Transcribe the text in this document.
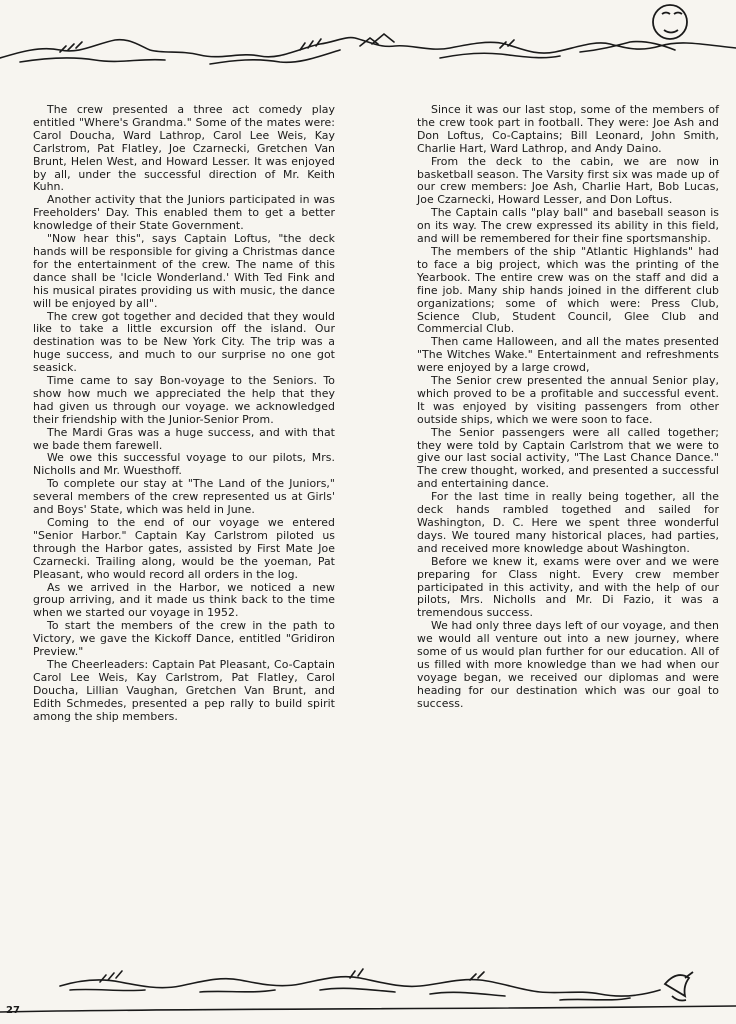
The crew presented a three act comedy play entitled "Where's Grandma." Some of the mates were: Carol Doucha, Ward Lathrop, Carol Lee Weis, Kay Carlstrom, Pat Flatley, Joe Czarnecki, Gretchen Van Brunt, Helen West, and Howard Lesser. It was enjoyed by all, under the successful direction of Mr. Keith Kuhn.

Another activity that the Juniors participated in was Freeholders' Day. This enabled them to get a better knowledge of their State Government.

"Now hear this", says Captain Loftus, "the deck hands will be responsible for giving a Christmas dance for the entertainment of the crew. The name of this dance shall be 'Icicle Wonderland.' With Ted Fink and his musical pirates providing us with music, the dance will be enjoyed by all".

The crew got together and decided that they would like to take a little excursion off the island. Our destination was to be New York City. The trip was a huge success, and much to our surprise no one got seasick.

Time came to say Bon-voyage to the Seniors. To show how much we appreciated the help that they had given us through our voyage. we acknowledged their friendship with the Junior-Senior Prom.

The Mardi Gras was a huge success, and with that we bade them farewell.

We owe this successful voyage to our pilots, Mrs. Nicholls and Mr. Wuesthoff.

To complete our stay at "The Land of the Juniors," several members of the crew represented us at Girls' and Boys' State, which was held in June.

Coming to the end of our voyage we entered "Senior Harbor." Captain Kay Carlstrom piloted us through the Harbor gates, assisted by First Mate Joe Czarnecki. Trailing along, would be the yoeman, Pat Pleasant, who would record all orders in the log.

As we arrived in the Harbor, we noticed a new group arriving, and it made us think back to the time when we started our voyage in 1952.

To start the members of the crew in the path to Victory, we gave the Kickoff Dance, entitled "Gridiron Preview."

The Cheerleaders: Captain Pat Pleasant, Co-Captain Carol Lee Weis, Kay Carlstrom, Pat Flatley, Carol Doucha, Lillian Vaughan, Gretchen Van Brunt, and Edith Schmedes, presented a pep rally to build spirit among the ship members.

Since it was our last stop, some of the members of the crew took part in football. They were: Joe Ash and Don Loftus, Co-Captains; Bill Leonard, John Smith, Charlie Hart, Ward Lathrop, and Andy Daino.

From the deck to the cabin, we are now in basketball season. The Varsity first six was made up of our crew members: Joe Ash, Charlie Hart, Bob Lucas, Joe Czarnecki, Howard Lesser, and Don Loftus.

The Captain calls "play ball" and baseball season is on its way. The crew expressed its ability in this field, and will be remembered for their fine sportsmanship.

The members of the ship "Atlantic Highlands" had to face a big project, which was the printing of the Yearbook. The entire crew was on the staff and did a fine job. Many ship hands joined in the different club organizations; some of which were: Press Club, Science Club, Student Council, Glee Club and Commercial Club.

Then came Halloween, and all the mates presented "The Witches Wake." Entertainment and refreshments were enjoyed by a large crowd,

The Senior crew presented the annual Senior play, which proved to be a profitable and successful event. It was enjoyed by visiting passengers from other outside ships, which we were soon to face.

The Senior passengers were all called together; they were told by Captain Carlstrom that we were to give our last social activity, "The Last Chance Dance." The crew thought, worked, and presented a successful and entertaining dance.

For the last time in really being together, all the deck hands rambled togethed and sailed for Washington, D. C. Here we spent three wonderful days. We toured many historical places, had parties, and received more knowledge about Washington.

Before we knew it, exams were over and we were preparing for Class night. Every crew member participated in this activity, and with the help of our pilots, Mrs. Nicholls and Mr. Di Fazio, it was a tremendous success.

We had only three days left of our voyage, and then we would all venture out into a new journey, where some of us would plan further for our education. All of us filled with more knowledge than we had when our voyage began, we received our diplomas and were heading for our destination which was our goal to success.

27
